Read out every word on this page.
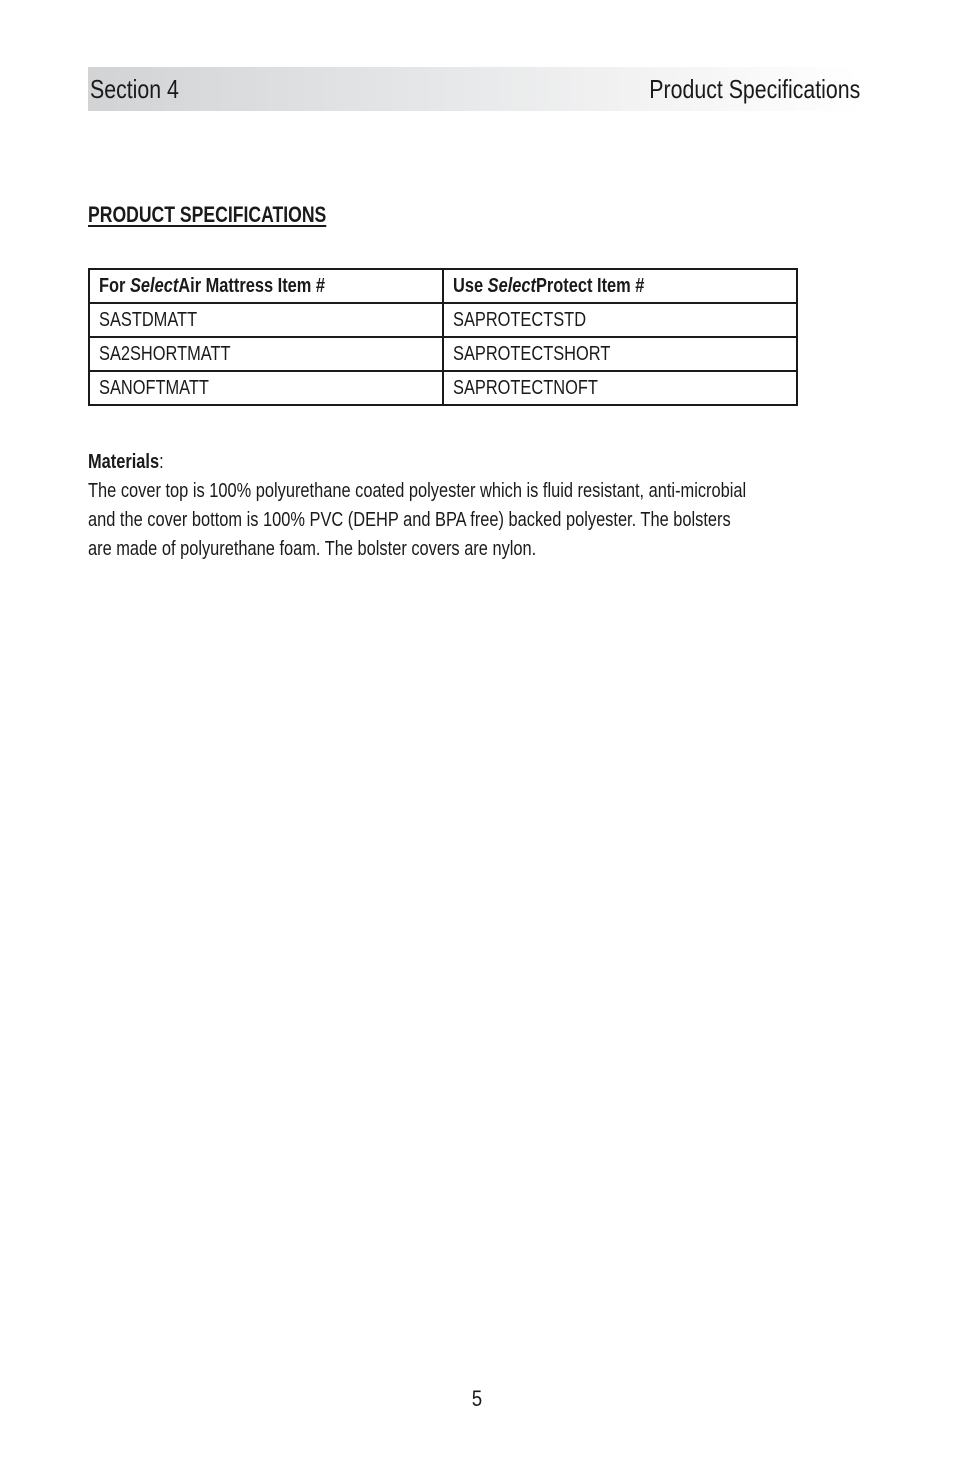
Section 4	Product Specifications
PRODUCT SPECIFICATIONS
For SelectAir Mattress Item #	Use SelectProtect Item #
SASTDMATT	SAPROTECTSTD
SA2SHORTMATT	SAPROTECTSHORT
SANOFTMATT	SAPROTECTNOFT

Materials:

The cover top is 100% polyurethane coated polyester which is fluid resistant, anti-microbial

and the cover bottom is 100% PVC (DEHP and BPA free) backed polyester. The bolsters

are made of polyurethane foam. The bolster covers are nylon.

5
